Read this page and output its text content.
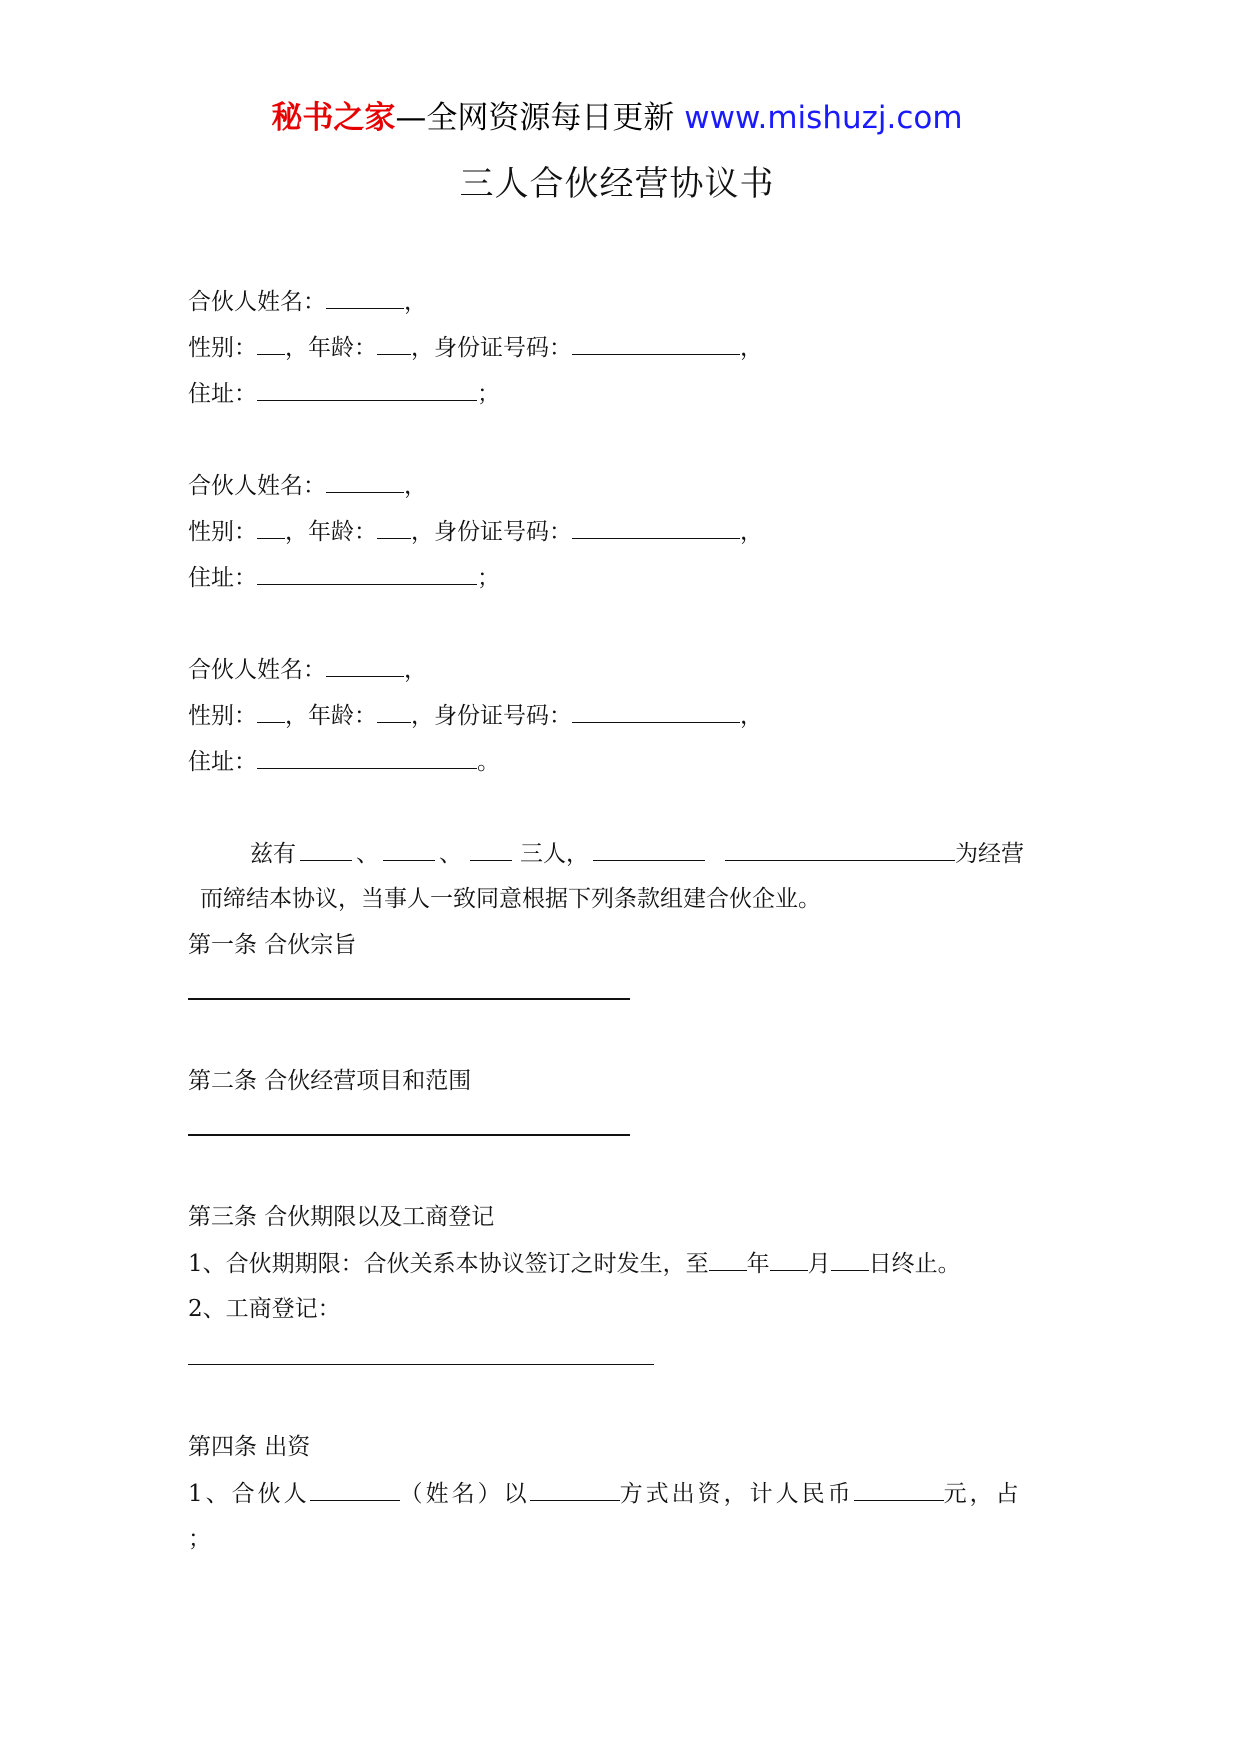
秘书之家—全网资源每日更新 www.mishuzj.com
三人合伙经营协议书
合伙人姓名：	，
性别： ，年龄： ，身份证号码：	，
住址：	；
合伙人姓名：	，
性别： ，年龄： ，身份证号码：	，
住址：	；
合伙人姓名：	，
性别： ，年龄： ，身份证号码：	，
住址：	。
兹有	、	、	三人，	为经营
而缔结本协议，当事人一致同意根据下列条款组建合伙企业。
第一条 合伙宗旨
第二条 合伙经营项目和范围
第三条 合伙期限以及工商登记
1、合伙期期限：合伙关系本协议签订之时发生，至 年 月 日终止。
2、工商登记：
第四条 出资
1、合伙人	（姓名）以	方式出资，计人民币	元，占
；
